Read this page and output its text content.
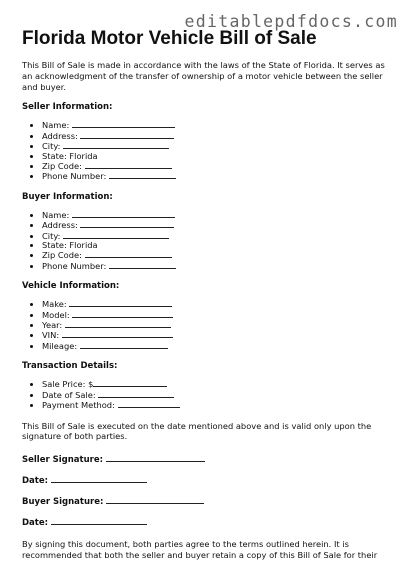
editablepdfdocs.com
Florida Motor Vehicle Bill of Sale

This Bill of Sale is made in accordance with the laws of the State of Florida. It serves as an acknowledgment of the transfer of ownership of a motor vehicle between the seller and buyer.

Seller Information:
• Name:
• Address:
• City:
• State: Florida
• Zip Code:
• Phone Number:
Buyer Information:
• Name:
• Address:
• City:
• State: Florida
• Zip Code:
• Phone Number:
Vehicle Information:
• Make:
• Model:
• Year:
• VIN:
• Mileage:
Transaction Details:
• Sale Price: $
• Date of Sale:
• Payment Method:

This Bill of Sale is executed on the date mentioned above and is valid only upon the signature of both parties.

Seller Signature:
Date:
Buyer Signature:
Date:

By signing this document, both parties agree to the terms outlined herein. It is recommended that both the seller and buyer retain a copy of this Bill of Sale for their
